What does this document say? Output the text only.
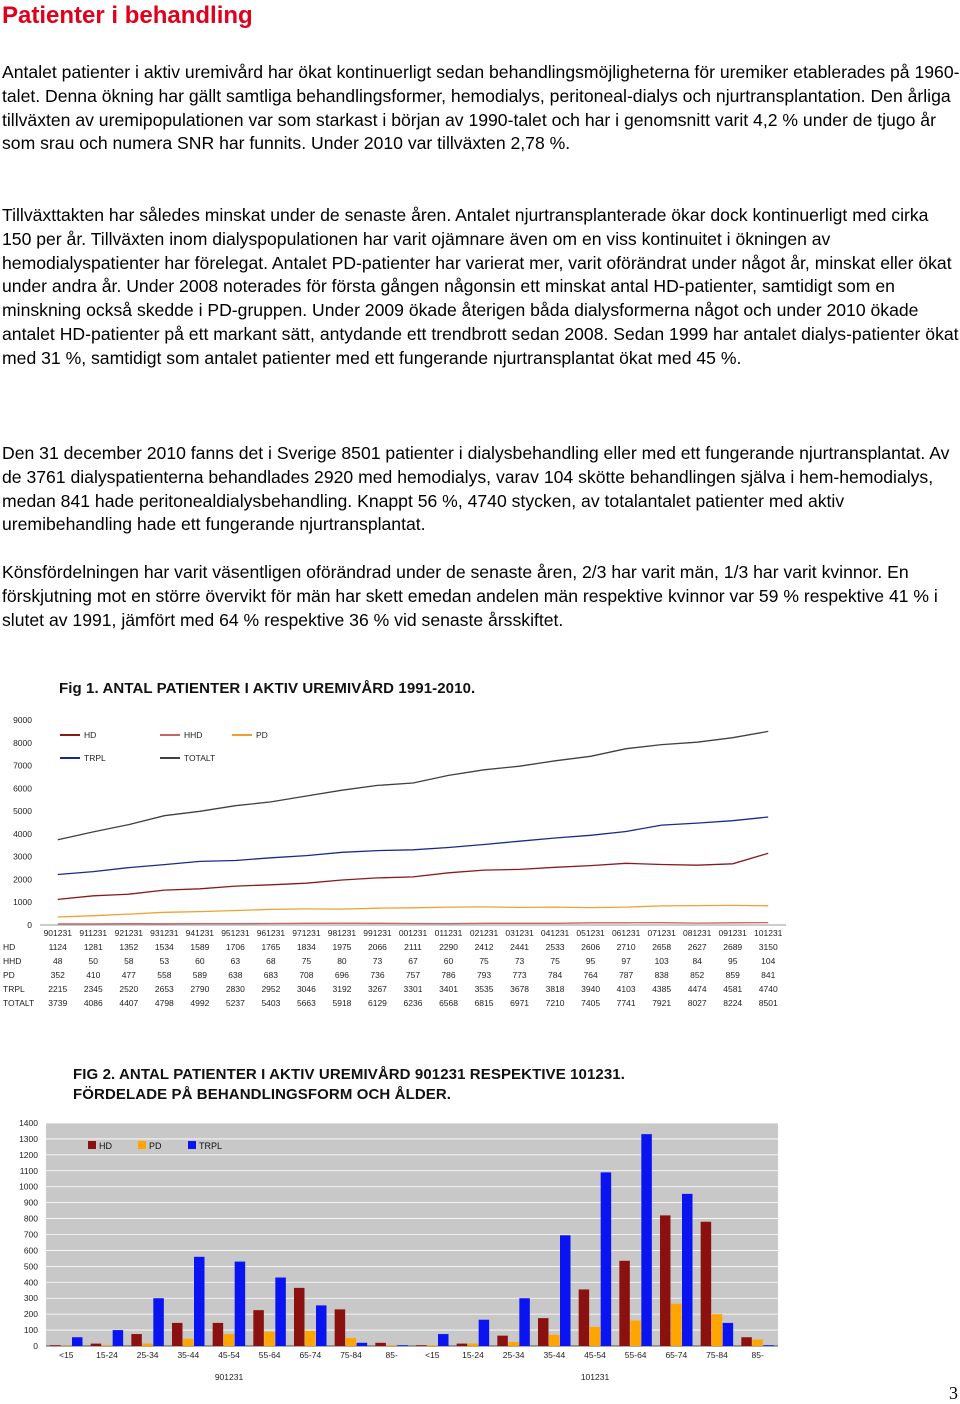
Patienter i behandling

Antalet patienter i aktiv uremivård har ökat kontinuerligt sedan behandlingsmöjligheterna för uremiker etablerades på 1960-talet. Denna ökning har gällt samtliga behandlingsformer, hemodialys, peritoneal-dialys och njurtransplantation. Den årliga tillväxten av uremipopulationen var som starkast i början av 1990-talet och har i genomsnitt varit 4,2 % under de tjugo år som srau och numera SNR har funnits. Under 2010 var tillväxten 2,78 %.

Tillväxttakten har således minskat under de senaste åren. Antalet njurtransplanterade ökar dock kontinuerligt med cirka 150 per år. Tillväxten inom dialyspopulationen har varit ojämnare även om en viss kontinuitet i ökningen av hemodialyspatienter har förelegat. Antalet PD-patienter har varierat mer, varit oförändrat under något år, minskat eller ökat under andra år. Under 2008 noterades för första gången någonsin ett minskat antal HD-patienter, samtidigt som en minskning också skedde i PD-gruppen. Under 2009 ökade återigen båda dialysformerna något och under 2010 ökade antalet HD-patienter på ett markant sätt, antydande ett trendbrott sedan 2008. Sedan 1999 har antalet dialys-patienter ökat med 31 %, samtidigt som antalet patienter med ett fungerande njurtransplantat ökat med 45 %.

Den 31 december 2010 fanns det i Sverige 8501 patienter i dialysbehandling eller med ett fungerande njurtransplantat. Av de 3761 dialyspatienterna behandlades 2920 med hemodialys, varav 104 skötte behandlingen själva i hem-hemodialys, medan 841 hade peritonealdialysbehandling. Knappt 56 %, 4740 stycken, av totalantalet patienter med aktiv uremibehandling hade ett fungerande njurtransplantat.

Könsfördelningen har varit väsentligen oförändrad under de senaste åren, 2/3 har varit män, 1/3 har varit kvinnor. En förskjutning mot en större övervikt för män har skett emedan andelen män respektive kvinnor var 59 % respektive 41 % i slutet av 1991, jämfört med 64 % respektive 36 % vid senaste årsskiftet.

Fig 1. ANTAL PATIENTER I AKTIV UREMIVÅRD 1991-2010.
9000
8000
7000
6000
5000
4000
3000
2000
1000
0
901231 911231 921231 931231 941231 951231 961231 971231 981231 991231 001231 011231 021231 031231 041231 051231 061231 071231 081231 091231 101231
HD	HHD	PD
TRPL	TOTALT
HD	1124 1281 1352 1534 1589 1706 1765 1834 1975 2066 2111 2290 2412 2441 2533 2606 2710 2658 2627 2689 3150
HHD	48	50	58	53	60	63	68	75	80	73	67	60	75	73	75	95	97	103	84	95	104
PD	352	410	477	558	589	638	683	708	696	736	757	786	793	773	784	764	787	838	852	859	841
TRPL	2215 2345 2520 2653 2790 2830 2952 3046 3192 3267 3301 3401 3535 3678 3818 3940 4103 4385 4474 4581 4740
TOTALT 3739 4086 4407 4798 4992 5237 5403 5663 5918 6129 6236 6568 6815 6971 7210 7405 7741 7921 8027 8224 8501
FIG 2. ANTAL PATIENTER I AKTIV UREMIVÅRD 901231 RESPEKTIVE 101231. FÖRDELADE PÅ BEHANDLINGSFORM OCH ÅLDER.
1400
1300
1200
1100
1000
900
800
700
600
500
400
300
200
100
0
<15	15-24 25-34 35-44 45-54 55-64 65-74 75-84	85-	<15	15-24 25-34 35-44 45-54 55-64 65-74 75-84	85-
901231	101231
HD	PD	TRPL
3
